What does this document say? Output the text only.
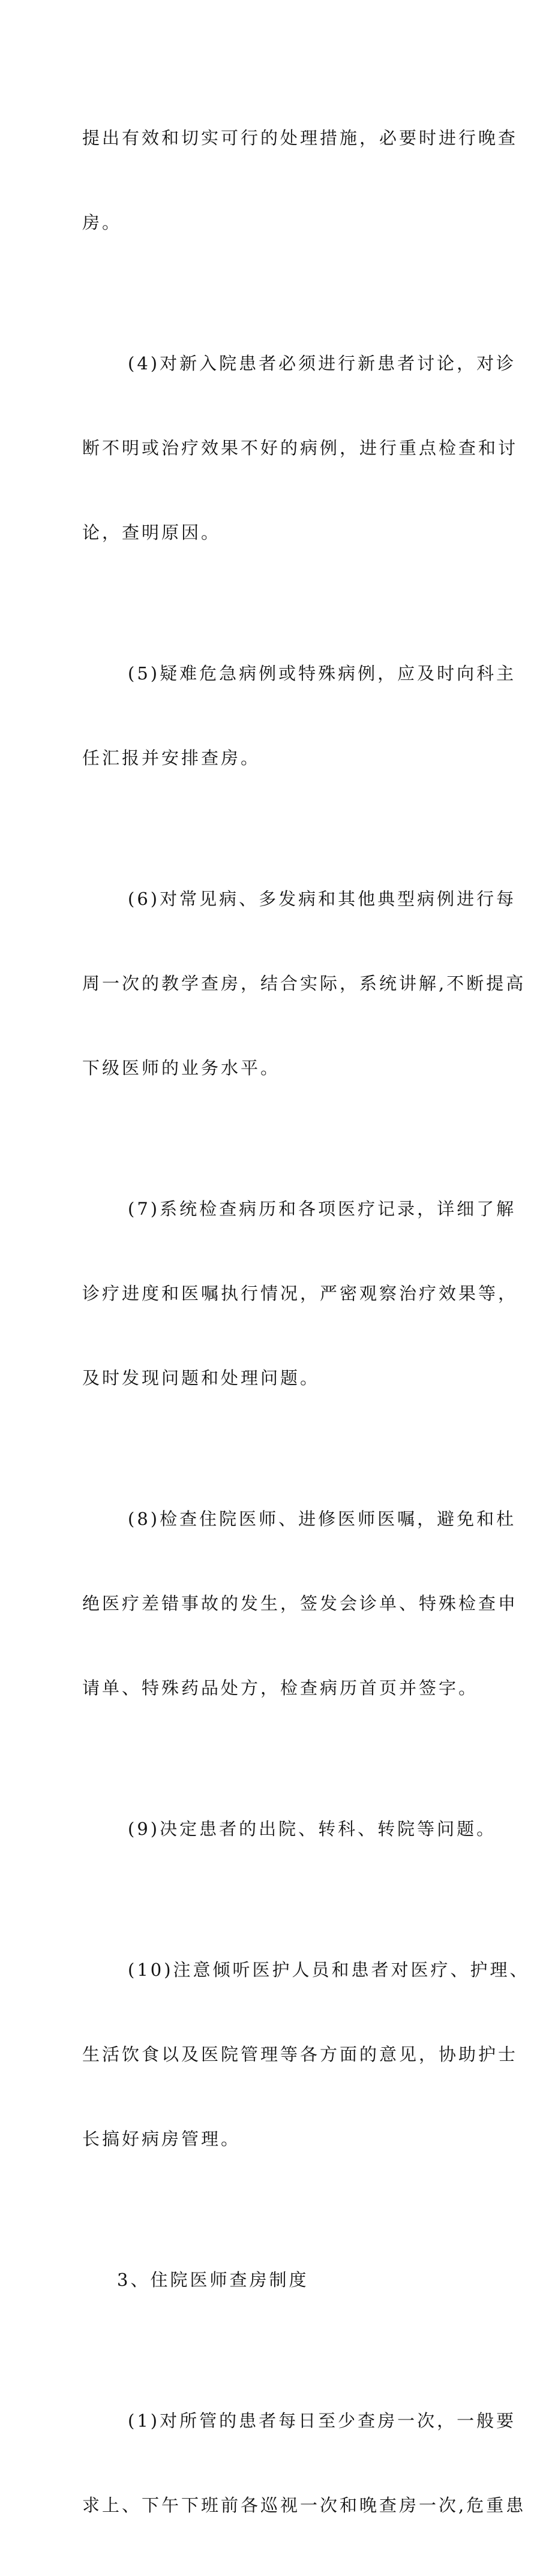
提出有效和切实可行的处理措施，必要时进行晚查

房。

(4)对新入院患者必须进行新患者讨论，对诊

断不明或治疗效果不好的病例，进行重点检查和讨

论，查明原因。

(5)疑难危急病例或特殊病例，应及时向科主

任汇报并安排查房。

(6)对常见病、多发病和其他典型病例进行每

周一次的教学查房，结合实际，系统讲解,不断提高

下级医师的业务水平。

(7)系统检查病历和各项医疗记录，详细了解

诊疗进度和医嘱执行情况，严密观察治疗效果等，

及时发现问题和处理问题。

(8)检查住院医师、进修医师医嘱，避免和杜

绝医疗差错事故的发生，签发会诊单、特殊检查申

请单、特殊药品处方，检查病历首页并签字。

(9)决定患者的出院、转科、转院等问题。

(10)注意倾听医护人员和患者对医疗、护理、

生活饮食以及医院管理等各方面的意见，协助护士

长搞好病房管理。

3、住院医师查房制度

(1)对所管的患者每日至少查房一次，一般要

求上、下午下班前各巡视一次和晚查房一次,危重患
